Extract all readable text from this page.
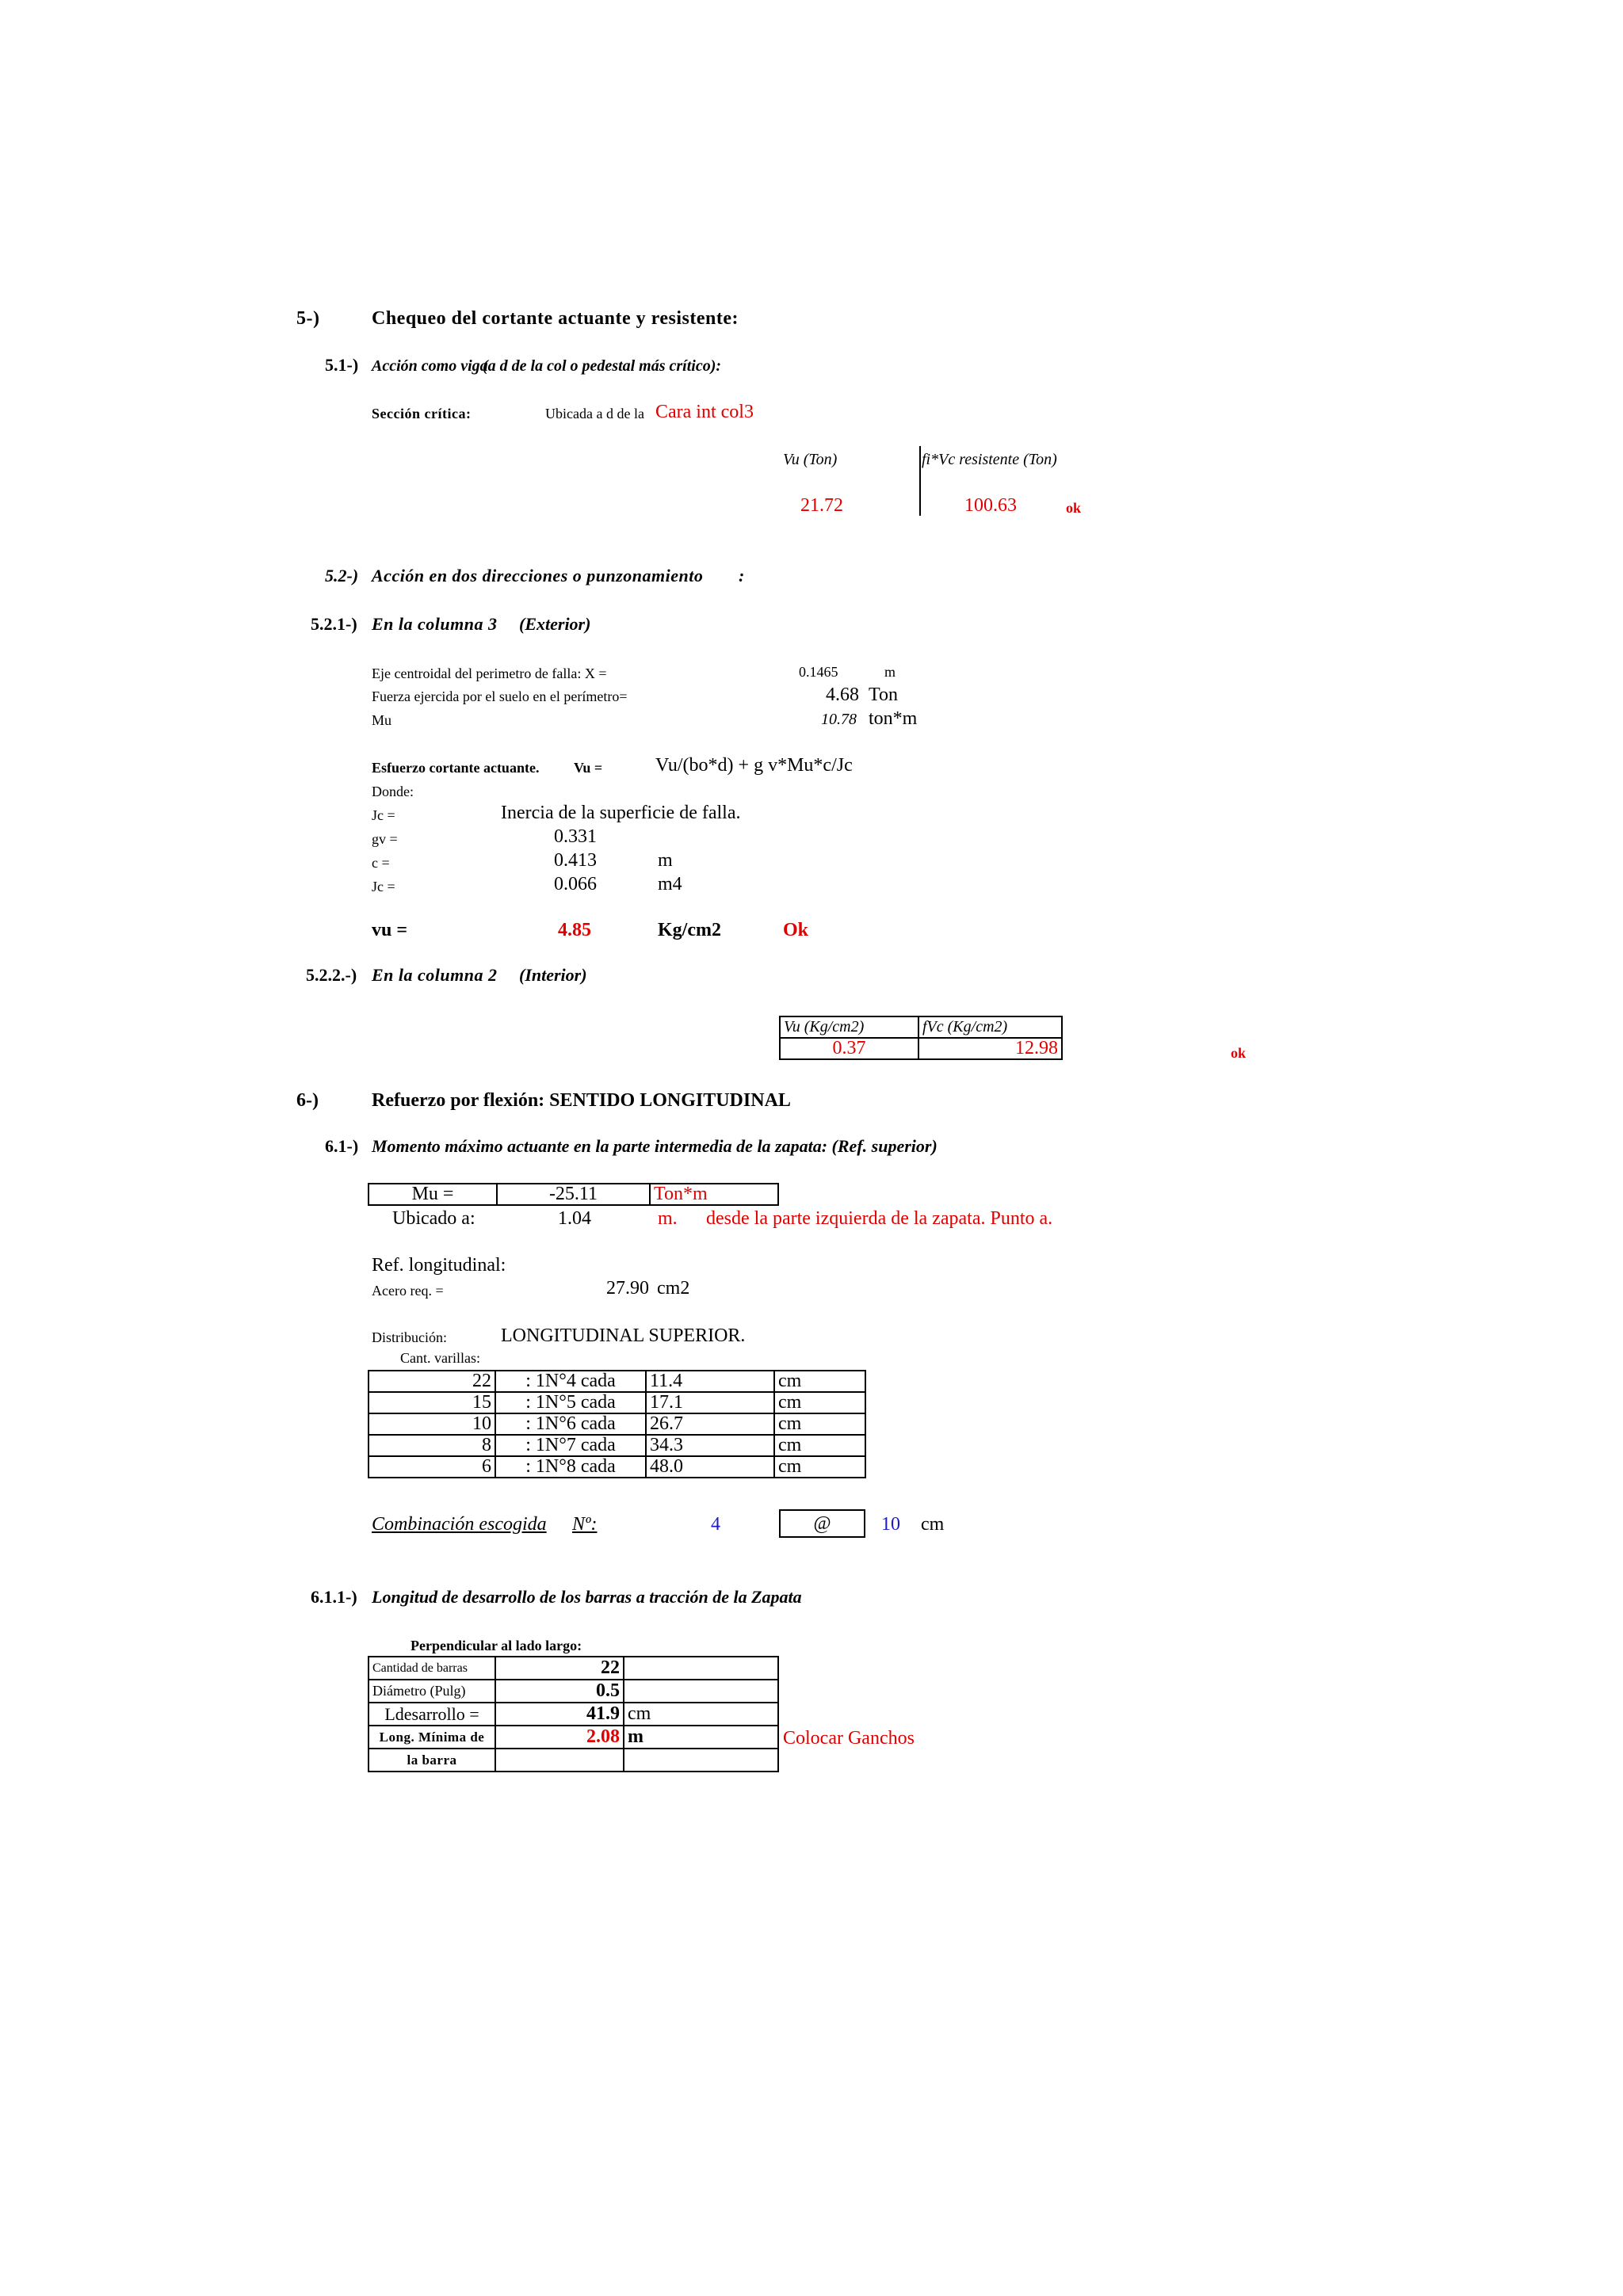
5-)	Chequeo del cortante actuante y resistente:
5.1-) Acción como viga
(a d de la col o pedestal más crítico):
Sección crítica:	Ubicada a d de la Cara int col3
Vu (Ton)	fi*Vc resistente (Ton)
21.72	100.63	ok
5.2-) Acción en dos direcciones o punzonamiento :
5.2.1-) En la columna 3 (Exterior)
Eje centroidal del perimetro de falla: X =	0.1465	m
Fuerza ejercida por el suelo en el perímetro=	4.68 Ton
Mu	10.78 ton*m
Esfuerzo cortante actuante. Vu =	Vu/(bo*d) + g v*Mu*c/Jc
Donde:
Jc =	Inercia de la superficie de falla.
gv =	0.331
c =	0.413	m
Jc =	0.066	m4
vu =	4.85	Kg/cm2	Ok
5.2.2.-) En la columna 2 (Interior)
Vu (Kg/cm2)	fVc (Kg/cm2)
0.37	12.98	ok
6-)	Refuerzo por flexión: SENTIDO LONGITUDINAL
6.1-) Momento máximo actuante en la parte intermedia de la zapata: (Ref. superior)
Mu =	-25.11	Ton*m
Ubicado a:	1.04	m. desde la parte izquierda de la zapata. Punto a.
Ref. longitudinal:
Acero req. =	27.90 cm2
Distribución:	LONGITUDINAL SUPERIOR.
Cant. varillas:
22	: 1N°4 cada	11.4	cm
15	: 1N°5 cada	17.1	cm
10	: 1N°6 cada	26.7	cm
8	: 1N°7 cada	34.3	cm
6	: 1N°8 cada	48.0	cm
Combinación escogida Nº:	4	@	10 cm
6.1.1-) Longitud de desarrollo de los barras a tracción de la Zapata
Perpendicular al lado largo:
Cantidad de barras	22	
Diámetro (Pulg)	0.5	
Ldesarrollo =	41.9	cm
Long. Mínima de	2.08	m
la barra		
Colocar Ganchos
